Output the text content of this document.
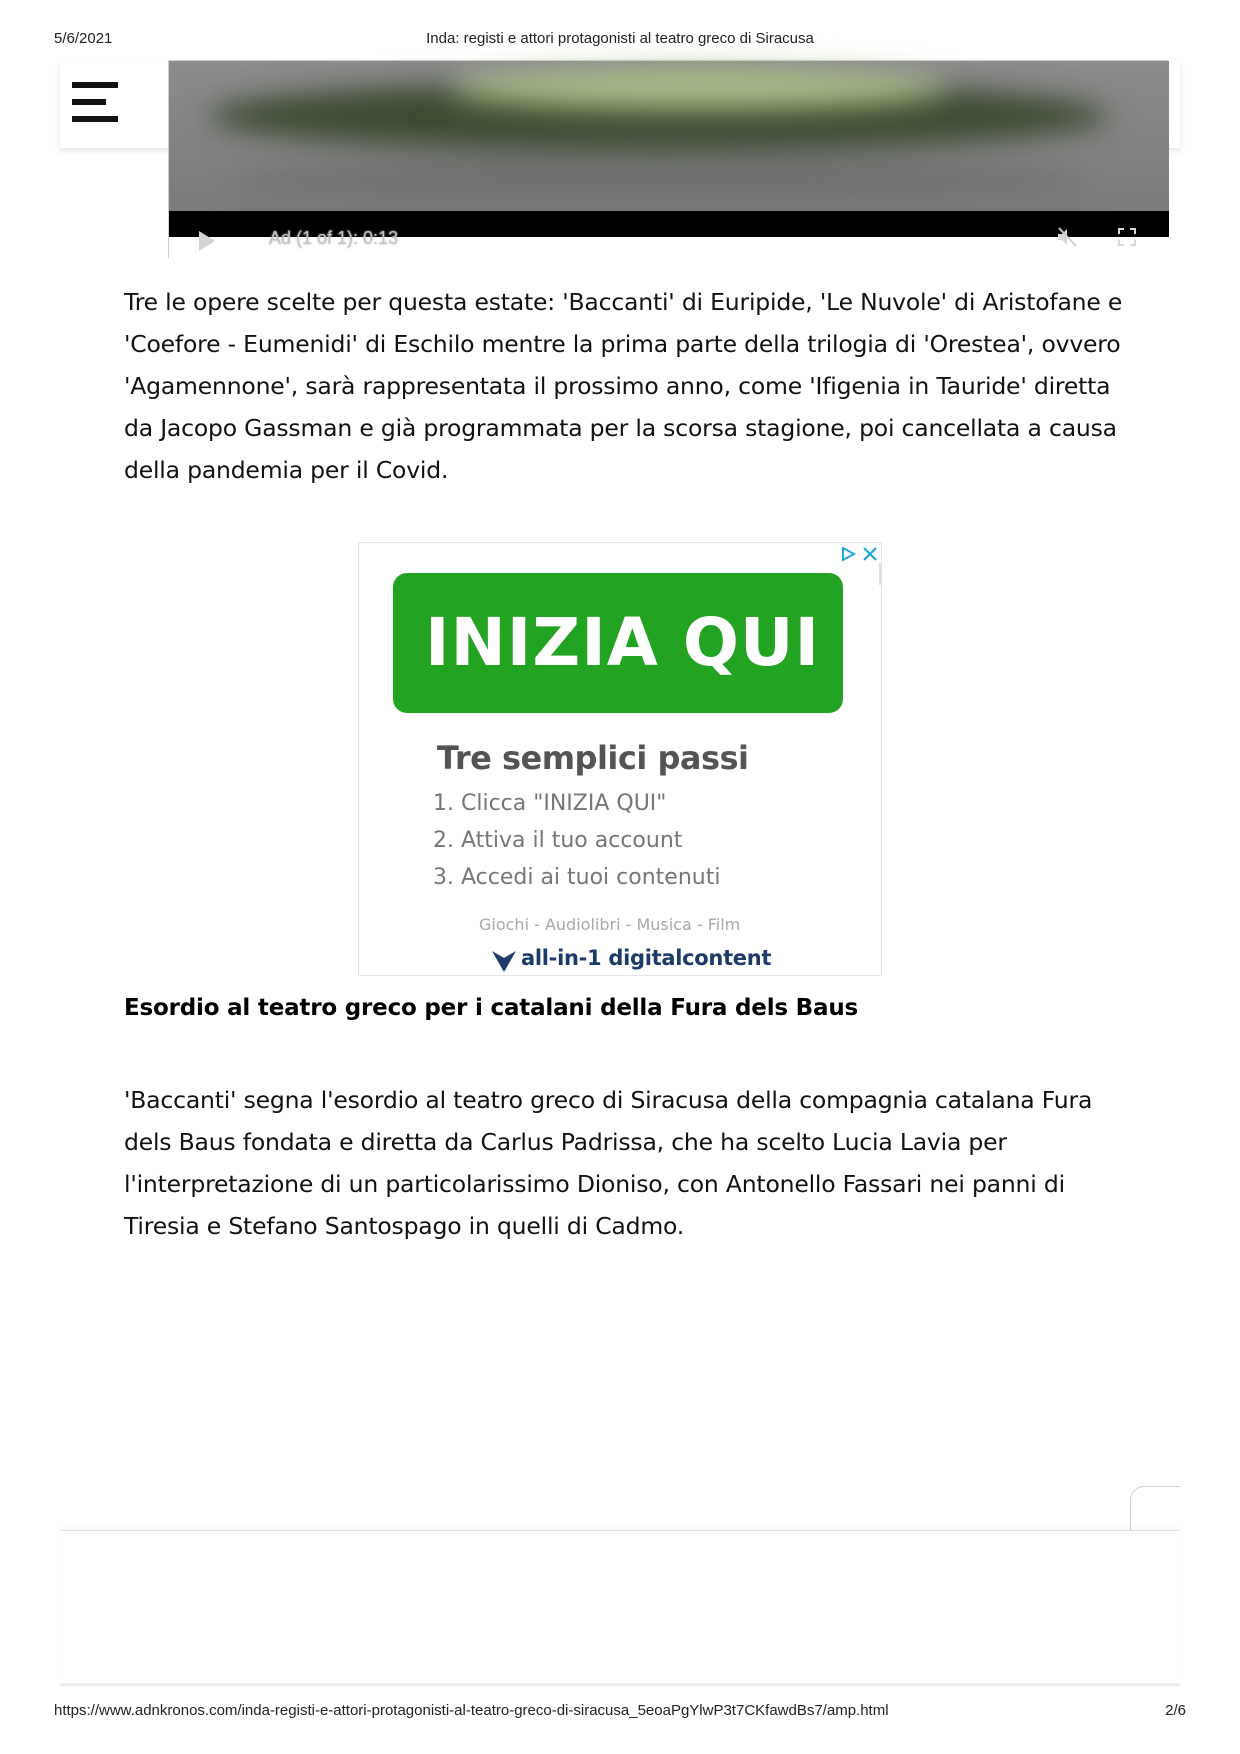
5/6/2021	Inda: registi e attori protagonisti al teatro greco di Siracusa
Ad (1 of 1): 0:13

Tre le opere scelte per questa estate: 'Baccanti' di Euripide, 'Le Nuvole' di Aristofane e 'Coefore - Eumenidi' di Eschilo mentre la prima parte della trilogia di 'Orestea', ovvero 'Agamennone', sarà rappresentata il prossimo anno, come 'Ifigenia in Tauride' diretta da Jacopo Gassman e già programmata per la scorsa stagione, poi cancellata a causa della pandemia per il Covid.

INIZIA QUI
Tre semplici passi
1. Clicca "INIZIA QUI"
2. Attiva il tuo account
3. Accedi ai tuoi contenuti
Giochi - Audiolibri - Musica - Film
all-in-1 digitalcontent
Esordio al teatro greco per i catalani della Fura dels Baus

'Baccanti' segna l'esordio al teatro greco di Siracusa della compagnia catalana Fura dels Baus fondata e diretta da Carlus Padrissa, che ha scelto Lucia Lavia per l'interpretazione di un particolarissimo Dioniso, con Antonello Fassari nei panni di Tiresia e Stefano Santospago in quelli di Cadmo.

https://www.adnkronos.com/inda-registi-e-attori-protagonisti-al-teatro-greco-di-siracusa_5eoaPgYlwP3t7CKfawdBs7/amp.html	2/6
